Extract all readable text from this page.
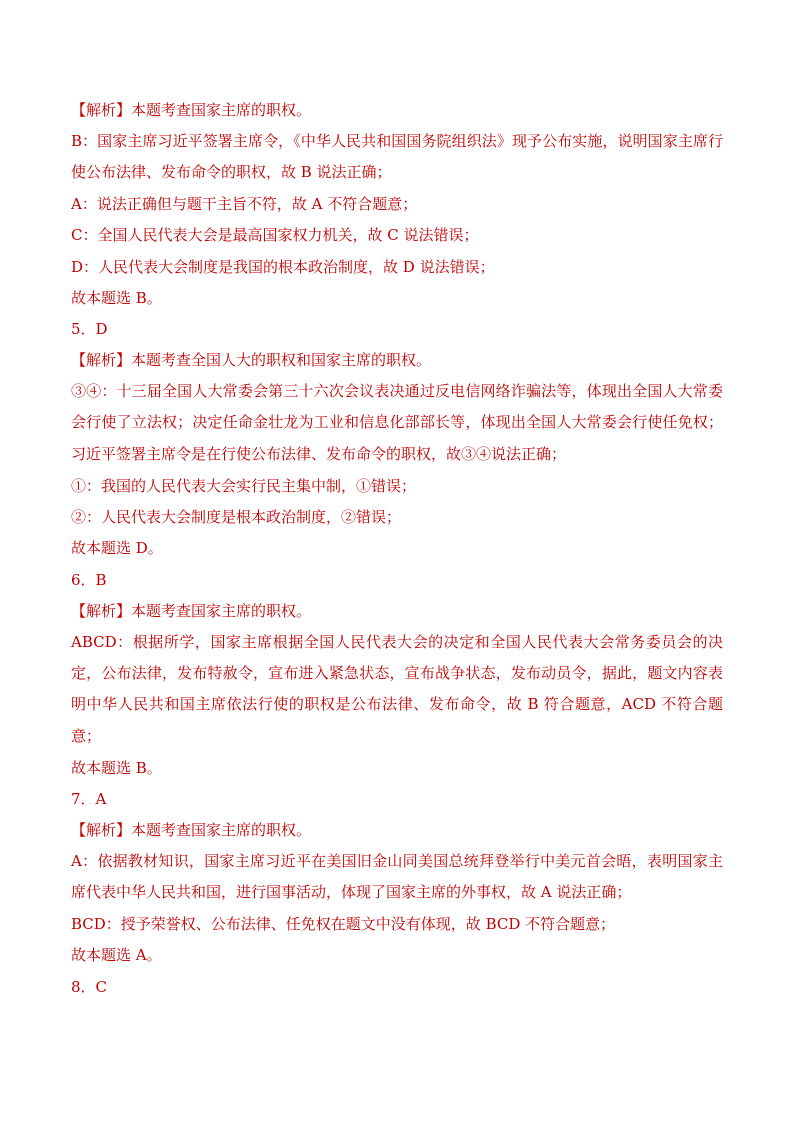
【解析】本题考查国家主席的职权。
B：国家主席习近平签署主席令，《中华人民共和国国务院组织法》现予公布实施，说明国家主席行使公布法律、发布命令的职权，故 B 说法正确；
A：说法正确但与题干主旨不符，故 A 不符合题意；
C：全国人民代表大会是最高国家权力机关，故 C 说法错误；
D：人民代表大会制度是我国的根本政治制度，故 D 说法错误；
故本题选 B。
5．D
【解析】本题考查全国人大的职权和国家主席的职权。
③④：十三届全国人大常委会第三十六次会议表决通过反电信网络诈骗法等，体现出全国人大常委会行使了立法权；决定任命金壮龙为工业和信息化部部长等，体现出全国人大常委会行使任免权；习近平签署主席令是在行使公布法律、发布命令的职权，故③④说法正确；
①：我国的人民代表大会实行民主集中制，①错误；
②：人民代表大会制度是根本政治制度，②错误；
故本题选 D。
6．B
【解析】本题考查国家主席的职权。
ABCD：根据所学，国家主席根据全国人民代表大会的决定和全国人民代表大会常务委员会的决定，公布法律，发布特赦令，宣布进入紧急状态，宣布战争状态，发布动员令，据此，题文内容表明中华人民共和国主席依法行使的职权是公布法律、发布命令，故 B 符合题意，ACD 不符合题意；
故本题选 B。
7．A
【解析】本题考查国家主席的职权。
A：依据教材知识，国家主席习近平在美国旧金山同美国总统拜登举行中美元首会晤，表明国家主席代表中华人民共和国，进行国事活动，体现了国家主席的外事权，故 A 说法正确；
BCD：授予荣誉权、公布法律、任免权在题文中没有体现，故 BCD 不符合题意；
故本题选 A。
8．C
